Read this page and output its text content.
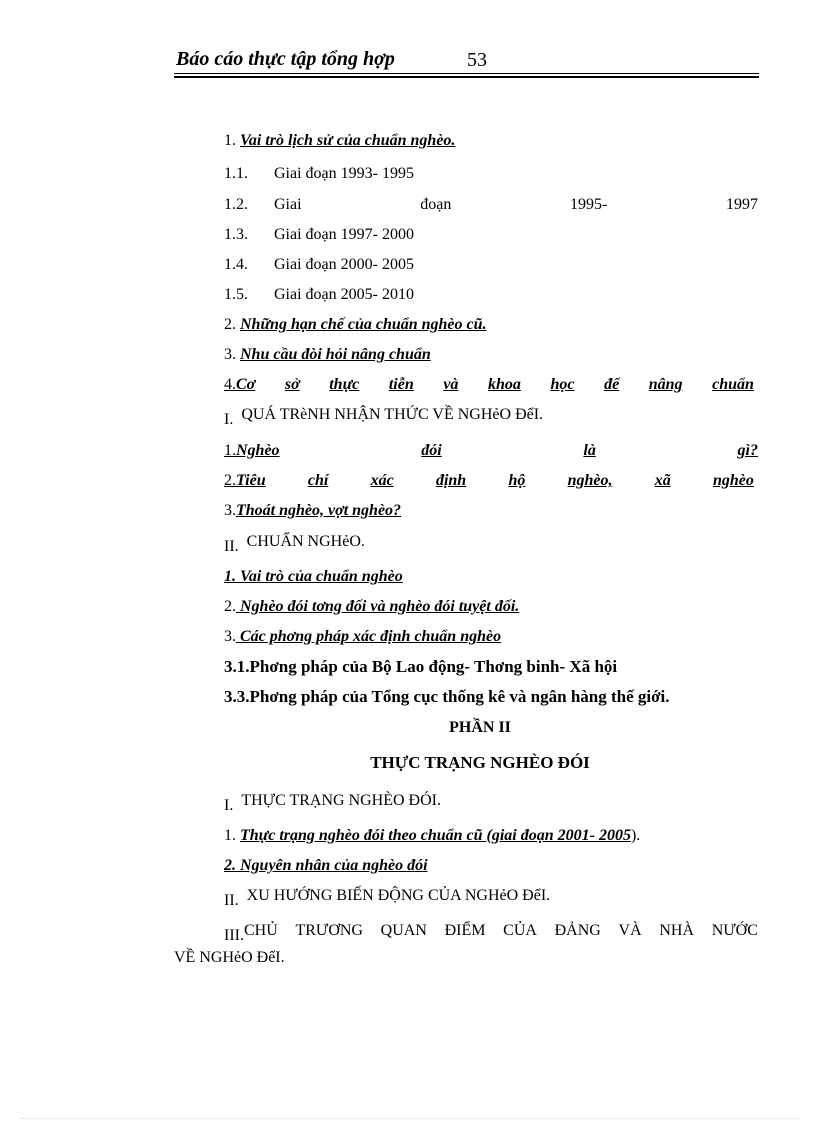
Báo cáo thực tập tổng hợp	53
1. Vai trò lịch sử của chuẩn nghèo.
1.1. Giai đoạn 1993- 1995
1.2. Giai	đoạn	1995-	1997
1.3. Giai đoạn 1997- 2000
1.4. Giai đoạn 2000- 2005
1.5. Giai đoạn 2005- 2010
2. Những hạn chế của chuẩn nghèo cũ.
3. Nhu cầu đòi hỏi nâng chuẩn
4.Cơ sở thực tiễn và khoa học để nâng chuẩn
I. QUÁ TRèNH NHẬN THỨC VỀ NGHẻO ĐểI.
1.Nghèo	đói	là	gì?
2.Tiêu	chí	xác	định	hộ	nghèo,	xã	nghèo
3.Thoát nghèo, vợt nghèo?
II. CHUẨN NGHẻO.
1. Vai trò của chuẩn nghèo
2. Nghèo đói tơng đối và nghèo đói tuyệt đối.
3. Các phơng pháp xác định chuẩn nghèo
3.1.Phơng pháp của Bộ Lao động- Thơng binh- Xã hội
3.3.Phơng pháp của Tổng cục thống kê và ngân hàng thế giới.
PHẦN II
THỰC TRẠNG NGHÈO ĐÓI
I. THỰC TRẠNG NGHÈO ĐÓI.
1. Thực trạng nghèo đói theo chuẩn cũ (giai đoạn 2001- 2005).
2. Nguyên nhân của nghèo đói
II. XU HƯỚNG BIẾN ĐỘNG CỦA NGHẻO ĐểI.
III.CHỦ TRƯƠNG QUAN ĐIỂM CỦA ĐẢNG VÀ NHÀ NƯỚC
VỀ NGHẻO ĐểI.
